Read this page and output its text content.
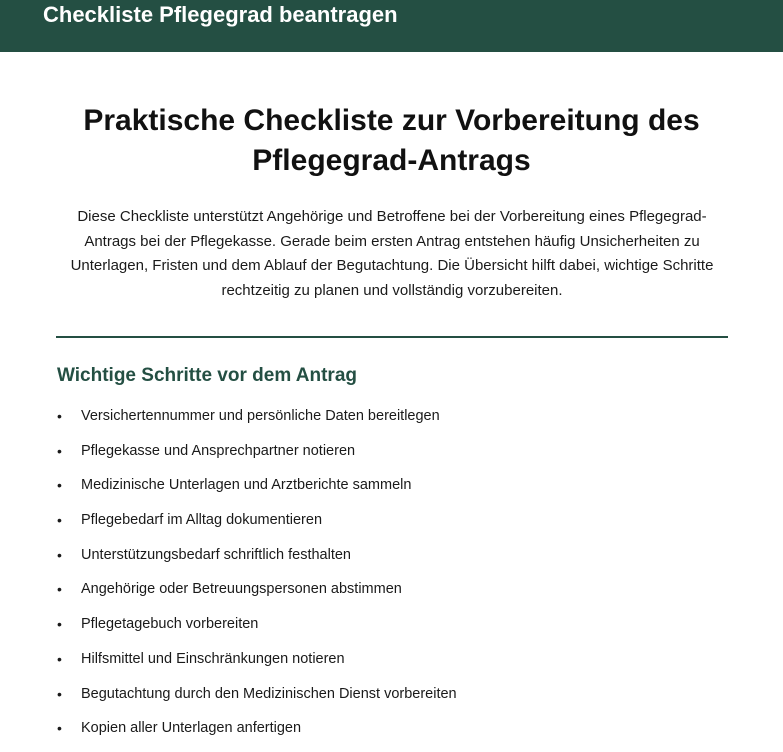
Checkliste Pflegegrad beantragen
Praktische Checkliste zur Vorbereitung des Pflegegrad-Antrags

Diese Checkliste unterstützt Angehörige und Betroffene bei der Vorbereitung eines Pflegegrad-Antrags bei der Pflegekasse. Gerade beim ersten Antrag entstehen häufig Unsicherheiten zu Unterlagen, Fristen und dem Ablauf der Begutachtung. Die Übersicht hilft dabei, wichtige Schritte rechtzeitig zu planen und vollständig vorzubereiten.

Wichtige Schritte vor dem Antrag
• Versichertennummer und persönliche Daten bereitlegen
• Pflegekasse und Ansprechpartner notieren
• Medizinische Unterlagen und Arztberichte sammeln
• Pflegebedarf im Alltag dokumentieren
• Unterstützungsbedarf schriftlich festhalten
• Angehörige oder Betreuungspersonen abstimmen
• Pflegetagebuch vorbereiten
• Hilfsmittel und Einschränkungen notieren
• Begutachtung durch den Medizinischen Dienst vorbereiten
• Kopien aller Unterlagen anfertigen
